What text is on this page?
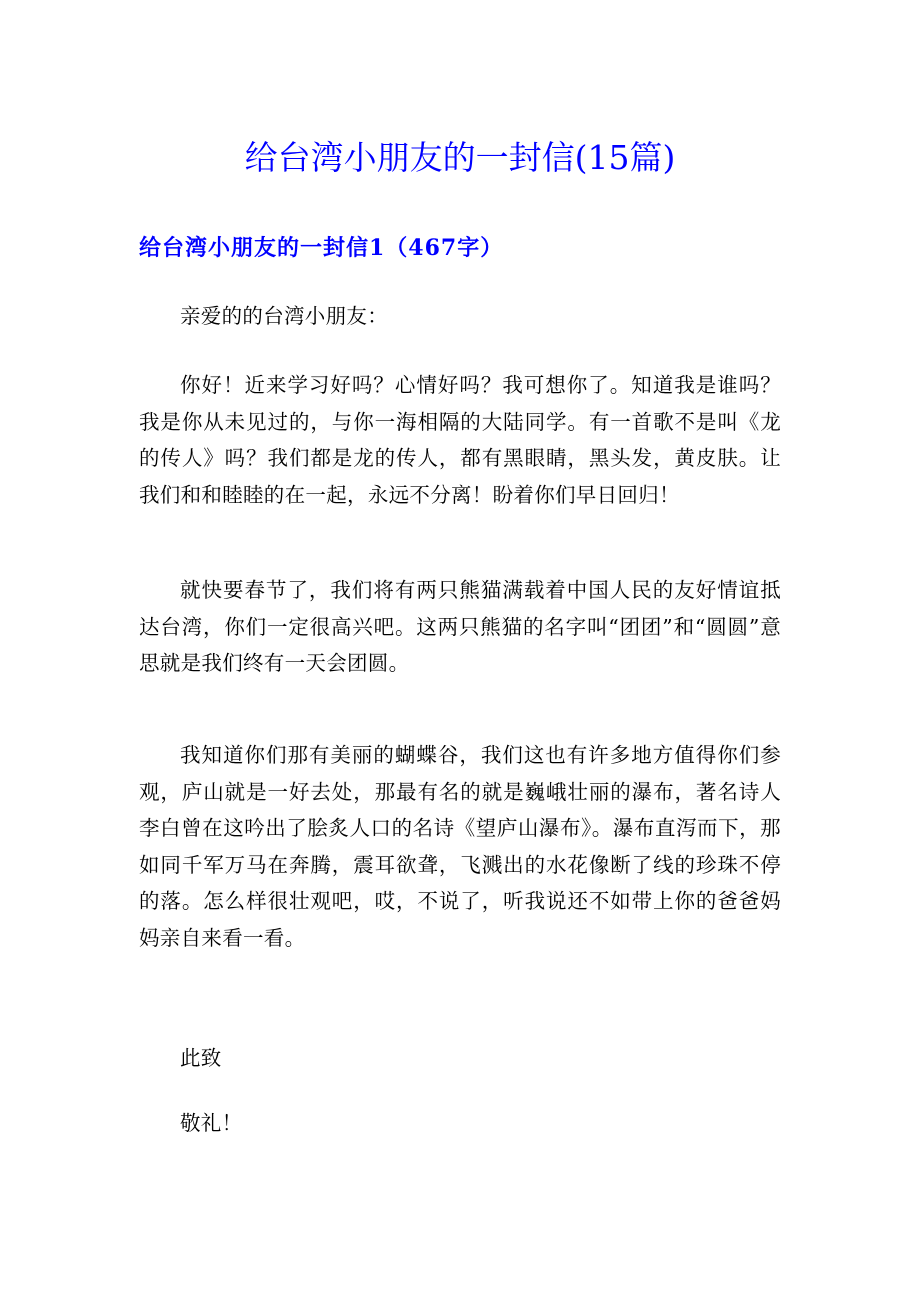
给台湾小朋友的一封信(15篇)
给台湾小朋友的一封信1（467字）

亲爱的的台湾小朋友：

你好！近来学习好吗？心情好吗？我可想你了。知道我是谁吗？我是你从未见过的，与你一海相隔的大陆同学。有一首歌不是叫《龙的传人》吗？我们都是龙的传人，都有黑眼睛，黑头发，黄皮肤。让我们和和睦睦的在一起，永远不分离！盼着你们早日回归！

就快要春节了，我们将有两只熊猫满载着中国人民的友好情谊抵达台湾，你们一定很高兴吧。这两只熊猫的名字叫“团团”和“圆圆”意思就是我们终有一天会团圆。

我知道你们那有美丽的蝴蝶谷，我们这也有许多地方值得你们参观，庐山就是一好去处，那最有名的就是巍峨壮丽的瀑布，著名诗人李白曾在这吟出了脍炙人口的名诗《望庐山瀑布》。瀑布直泻而下，那如同千军万马在奔腾，震耳欲聋，飞溅出的水花像断了线的珍珠不停的落。怎么样很壮观吧，哎，不说了，听我说还不如带上你的爸爸妈妈亲自来看一看。

此致

敬礼！
